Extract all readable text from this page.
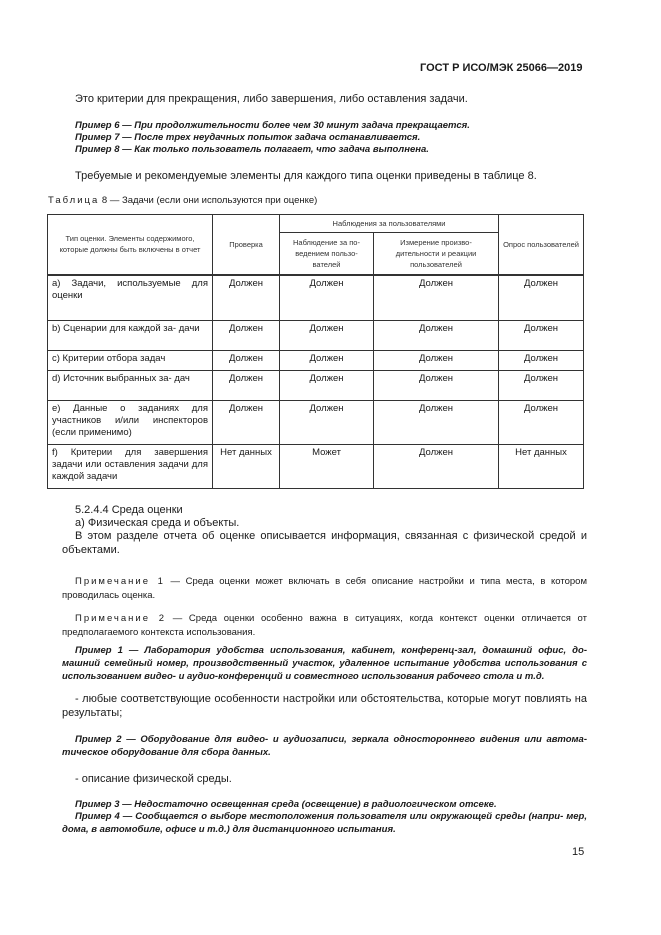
ГОСТ Р ИСО/МЭК 25066—2019
Это критерии для прекращения, либо завершения, либо оставления задачи.
Пример 6 — При продолжительности более чем 30 минут задача прекращается.
Пример 7 — После трех неудачных попыток задача останавливается.
Пример 8 — Как только пользователь полагает, что задача выполнена.
Требуемые и рекомендуемые элементы для каждого типа оценки приведены в таблице 8.
Таблица 8 — Задачи (если они используются при оценке)
Тип оценки. Элементы содержимого, которые должны быть включены в отчет	Проверка	Наблюдения за пользователями		Опрос пользователей
		Наблюдение за по- ведением пользо- вателей	Измерение произво- дительности и реакции пользователей	
а) Задачи, используемые для оценки	Должен	Должен	Должен	Должен
b) Сценарии для каждой за- дачи	Должен	Должен	Должен	Должен
с) Критерии отбора задач	Должен	Должен	Должен	Должен
d) Источник выбранных за- дач	Должен	Должен	Должен	Должен
е) Данные о заданиях для участников и/или инспекторов (если применимо)	Должен	Должен	Должен	Должен
f) Критерии для завершения задачи или оставления задачи для каждой задачи	Нет данных	Может	Должен	Нет данных
5.2.4.4 Среда оценки
а) Физическая среда и объекты.
В этом разделе отчета об оценке описывается информация, связанная с физической средой и объектами.
Примечание 1 — Среда оценки может включать в себя описание настройки и типа места, в котором проводилась оценка.
Примечание 2 — Среда оценки особенно важна в ситуациях, когда контекст оценки отличается от предполагаемого контекста использования.
Пример 1 — Лаборатория удобства использования, кабинет, конференц-зал, домашний офис, до- машний семейный номер, производственный участок, удаленное испытание удобства использования с использованием видео- и аудио-конференций и совместного использования рабочего стола и т.д.
- любые соответствующие особенности настройки или обстоятельства, которые могут повлиять на результаты;
Пример 2 — Оборудование для видео- и аудиозаписи, зеркала одностороннего видения или автома- тическое оборудование для сбора данных.
- описание физической среды.
Пример 3 — Недостаточно освещенная среда (освещение) в радиологическом отсеке.
Пример 4 — Сообщается о выборе местоположения пользователя или окружающей среды (напри- мер, дома, в автомобиле, офисе и т.д.) для дистанционного испытания.
15
